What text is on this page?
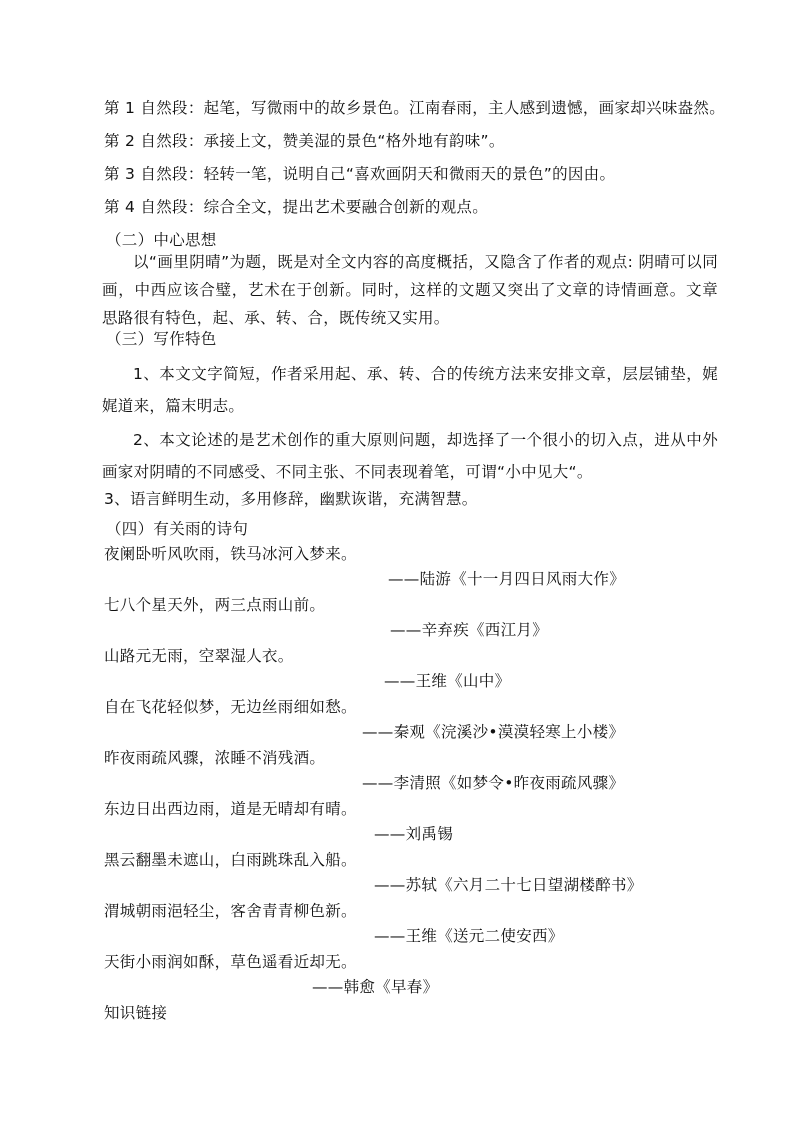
第 1 自然段：起笔，写微雨中的故乡景色。江南春雨，主人感到遗憾，画家却兴味盎然。
第 2 自然段：承接上文，赞美湿的景色“格外地有韵味”。
第 3 自然段：轻转一笔，说明自己“喜欢画阴天和微雨天的景色”的因由。
第 4 自然段：综合全文，提出艺术要融合创新的观点。
（二）中心思想
以“画里阴晴”为题，既是对全文内容的高度概括，又隐含了作者的观点: 阴晴可以同画，中西应该合璧，艺术在于创新。同时，这样的文题又突出了文章的诗情画意。文章思路很有特色，起、承、转、合，既传统又实用。
（三）写作特色
1、本文文字简短，作者采用起、承、转、合的传统方法来安排文章，层层铺垫，娓娓道来，篇末明志。
2、本文论述的是艺术创作的重大原则问题，却选择了一个很小的切入点，进从中外画家对阴晴的不同感受、不同主张、不同表现着笔，可谓“小中见大“。
3、语言鲜明生动，多用修辞，幽默诙谐，充满智慧。
（四）有关雨的诗句
夜阑卧听风吹雨，铁马冰河入梦来。
——陆游《十一月四日风雨大作》
七八个星天外，两三点雨山前。
——辛弃疾《西江月》
山路元无雨，空翠湿人衣。
——王维《山中》
自在飞花轻似梦，无边丝雨细如愁。
——秦观《浣溪沙•漠漠轻寒上小楼》
昨夜雨疏风骤，浓睡不消残酒。
——李清照《如梦令•昨夜雨疏风骤》
东边日出西边雨，道是无晴却有晴。
——刘禹锡
黑云翻墨未遮山，白雨跳珠乱入船。
——苏轼《六月二十七日望湖楼醉书》
渭城朝雨浥轻尘，客舍青青柳色新。
——王维《送元二使安西》
天街小雨润如酥，草色遥看近却无。
——韩愈《早春》
知识链接
